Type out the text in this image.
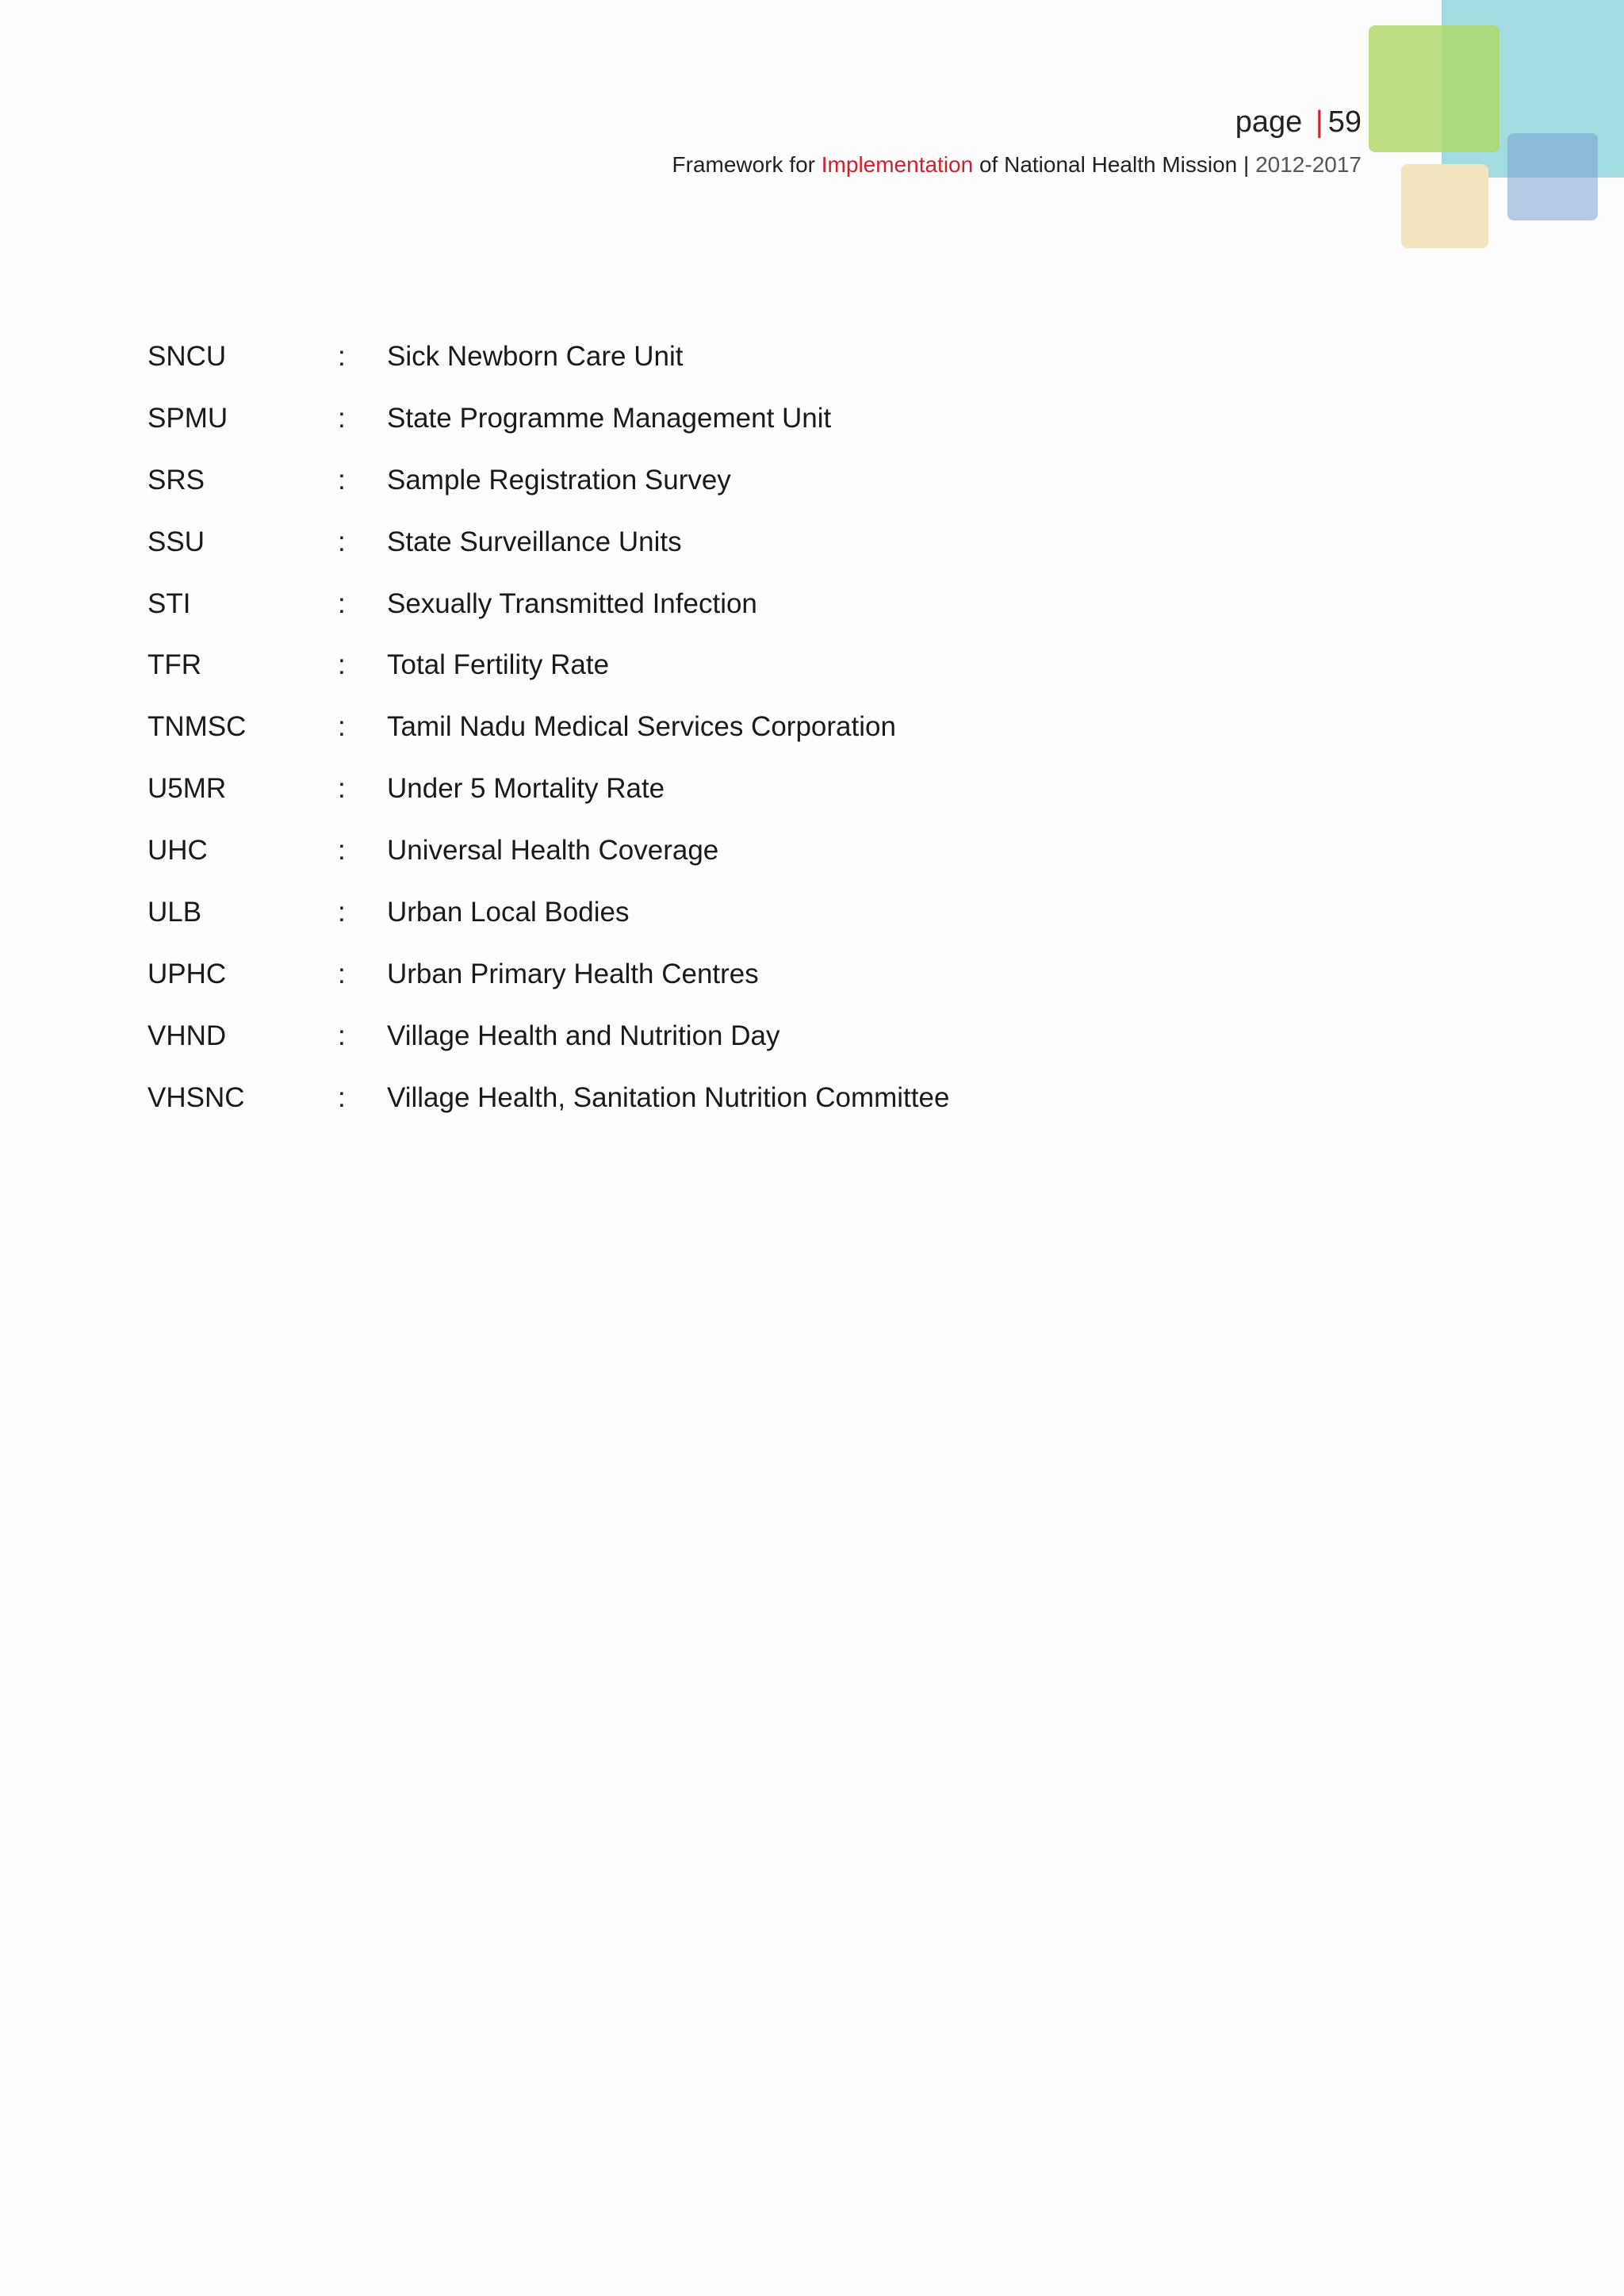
page | 59
Framework for Implementation of National Health Mission | 2012-2017
SNCU	: Sick Newborn Care Unit
SPMU	: State Programme Management Unit
SRS	: Sample Registration Survey
SSU	: State Surveillance Units
STI	: Sexually Transmitted Infection
TFR	: Total Fertility Rate
TNMSC	: Tamil Nadu Medical Services Corporation
U5MR	: Under 5 Mortality Rate
UHC	: Universal Health Coverage
ULB	: Urban Local Bodies
UPHC	: Urban Primary Health Centres
VHND	: Village Health and Nutrition Day
VHSNC	: Village Health, Sanitation Nutrition Committee
